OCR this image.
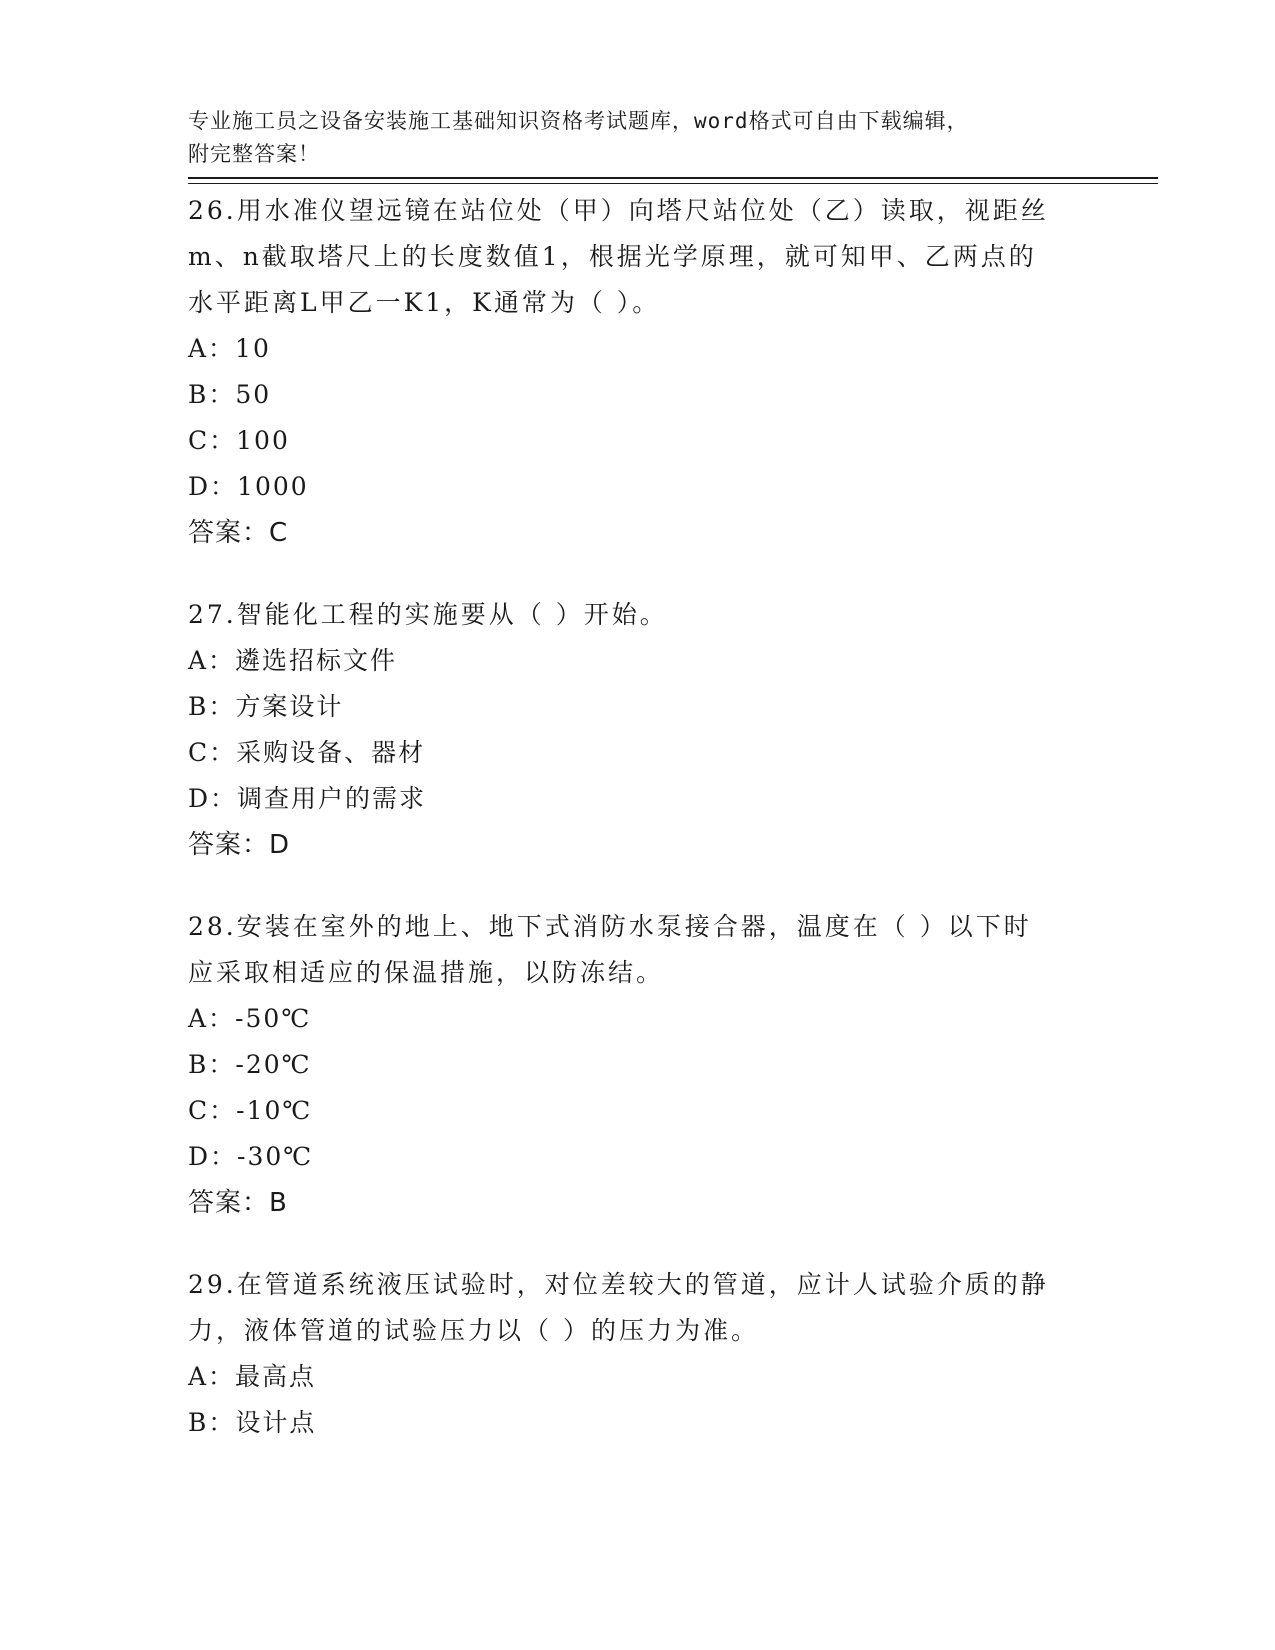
专业施工员之设备安装施工基础知识资格考试题库，word格式可自由下载编辑，
附完整答案！

26.用水准仪望远镜在站位处（甲）向塔尺站位处（乙）读取，视距丝
m、n截取塔尺上的长度数值1，根据光学原理，就可知甲、乙两点的
水平距离L甲乙一K1，K通常为（ ）。
A：10
B：50
C：100
D：1000
答案：C
27.智能化工程的实施要从（ ）开始。
A：遴选招标文件
B：方案设计
C：采购设备、器材
D：调查用户的需求
答案：D
28.安装在室外的地上、地下式消防水泵接合器，温度在（ ）以下时
应采取相适应的保温措施，以防冻结。
A：-50℃
B：-20℃
C：-10℃
D：-30℃
答案：B
29.在管道系统液压试验时，对位差较大的管道，应计人试验介质的静
力，液体管道的试验压力以（ ）的压力为准。
A：最高点
B：设计点
